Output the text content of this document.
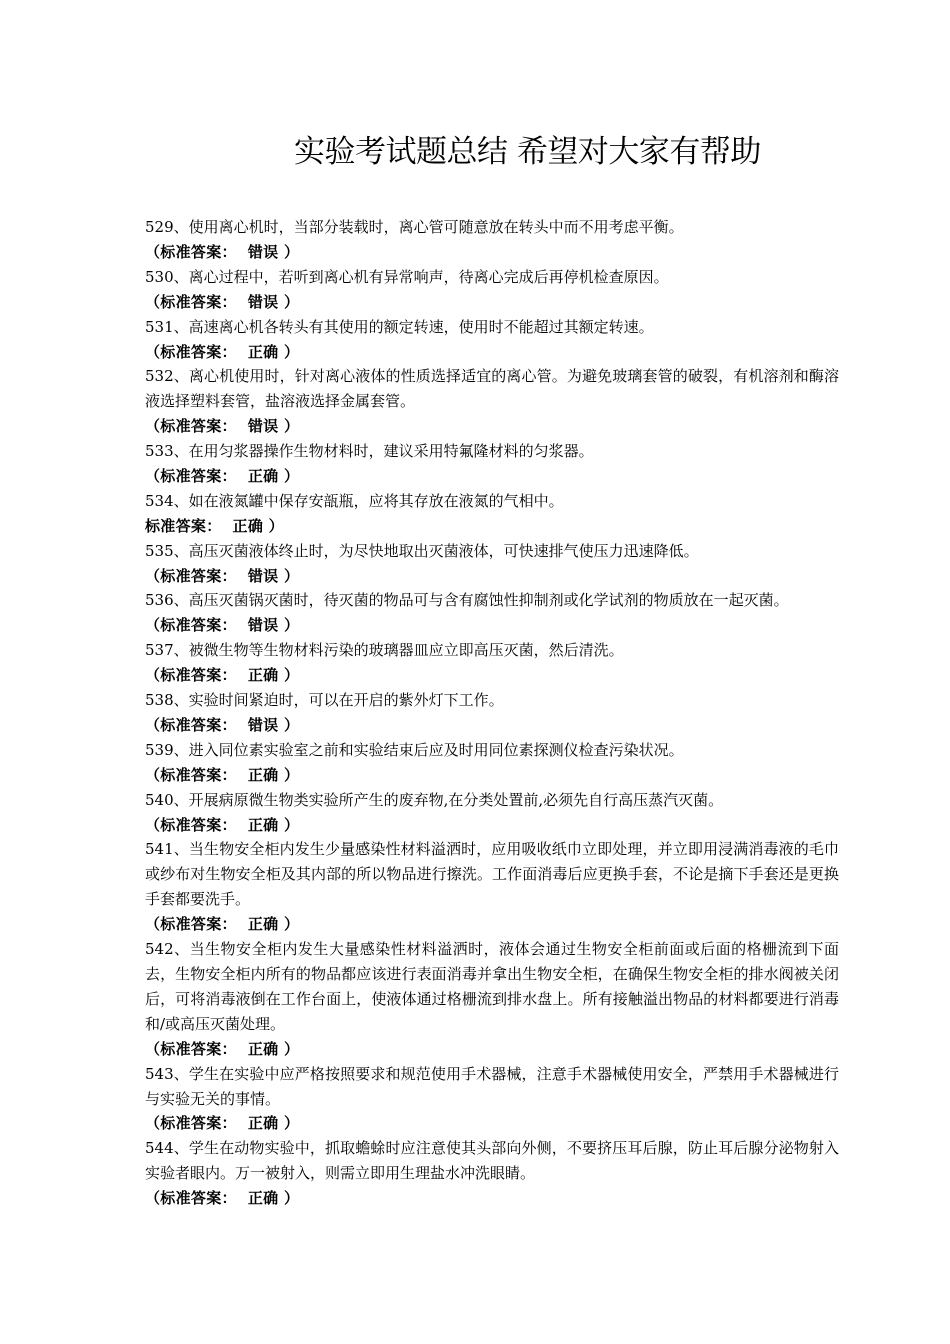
实验考试题总结 希望对大家有帮助
529、使用离心机时，当部分装载时，离心管可随意放在转头中而不用考虑平衡。
（标准答案：  错误 ）
530、离心过程中，若听到离心机有异常响声，待离心完成后再停机检查原因。
（标准答案：  错误 ）
531、高速离心机各转头有其使用的额定转速，使用时不能超过其额定转速。
（标准答案：  正确 ）
532、离心机使用时，针对离心液体的性质选择适宜的离心管。为避免玻璃套管的破裂，有机溶剂和酶溶液选择塑料套管，盐溶液选择金属套管。
（标准答案：  错误 ）
533、在用匀浆器操作生物材料时，建议采用特氟隆材料的匀浆器。
（标准答案：  正确 ）
534、如在液氮罐中保存安瓿瓶，应将其存放在液氮的气相中。
标准答案：  正确 ）
535、高压灭菌液体终止时，为尽快地取出灭菌液体，可快速排气使压力迅速降低。
（标准答案：  错误 ）
536、高压灭菌锅灭菌时，待灭菌的物品可与含有腐蚀性抑制剂或化学试剂的物质放在一起灭菌。
（标准答案：  错误 ）
537、被微生物等生物材料污染的玻璃器皿应立即高压灭菌，然后清洗。
（标准答案：  正确 ）
538、实验时间紧迫时，可以在开启的紫外灯下工作。
（标准答案：  错误 ）
539、进入同位素实验室之前和实验结束后应及时用同位素探测仪检查污染状况。
（标准答案：  正确 ）
540、开展病原微生物类实验所产生的废弃物,在分类处置前,必须先自行高压蒸汽灭菌。
（标准答案：  正确 ）
541、当生物安全柜内发生少量感染性材料溢洒时，应用吸收纸巾立即处理，并立即用浸满消毒液的毛巾或纱布对生物安全柜及其内部的所以物品进行擦洗。工作面消毒后应更换手套，不论是摘下手套还是更换手套都要洗手。
（标准答案：  正确 ）
542、当生物安全柜内发生大量感染性材料溢洒时，液体会通过生物安全柜前面或后面的格栅流到下面去，生物安全柜内所有的物品都应该进行表面消毒并拿出生物安全柜，在确保生物安全柜的排水阀被关闭后，可将消毒液倒在工作台面上，使液体通过格栅流到排水盘上。所有接触溢出物品的材料都要进行消毒和/或高压灭菌处理。
（标准答案：  正确 ）
543、学生在实验中应严格按照要求和规范使用手术器械，注意手术器械使用安全，严禁用手术器械进行与实验无关的事情。
（标准答案：  正确 ）
544、学生在动物实验中，抓取蟾蜍时应注意使其头部向外侧，不要挤压耳后腺，防止耳后腺分泌物射入实验者眼内。万一被射入，则需立即用生理盐水冲洗眼睛。
（标准答案：  正确 ）
